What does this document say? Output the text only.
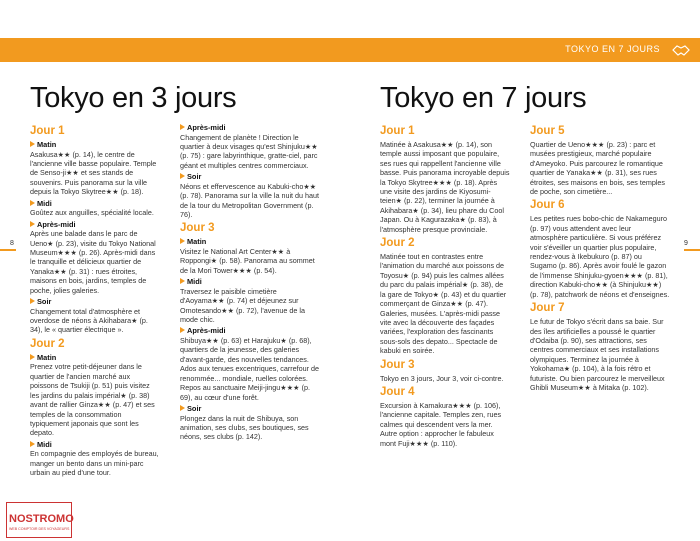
TOKYO EN 7 JOURS
8	9
Tokyo en 3 jours	Tokyo en 7 jours
Jour 1
Matin
Asakusa★★ (p. 14), le centre de l'ancienne ville basse populaire. Temple de Senso-ji★★ et ses stands de souvenirs. Puis panorama sur la ville depuis la Tokyo Skytree★★ (p. 18).
Midi
Goûtez aux anguilles, spécialité locale.
Après-midi
Après une balade dans le parc de Ueno★ (p. 23), visite du Tokyo National Museum★★★ (p. 26). Après-midi dans le tranquille et délicieux quartier de Yanaka★★ (p. 31) : rues étroites, maisons en bois, jardins, temples de poche, jolies galeries.
Soir
Changement total d'atmosphère et overdose de néons à Akihabara★ (p. 34), le « quartier électrique ».
Jour 2
Matin
Prenez votre petit-déjeuner dans le quartier de l'ancien marché aux poissons de Tsukiji (p. 51) puis visitez les jardins du palais impérial★ (p. 38) avant de rallier Ginza★★ (p. 47) et ses temples de la consommation typiquement japonais que sont les depato.
Midi
En compagnie des employés de bureau, manger un bento dans un mini-parc urbain au pied d'une tour.
Après-midi
Changement de planète ! Direction le quartier à deux visages qu'est Shinjuku★★ (p. 75) : gare labyrinthique, gratte-ciel, parc géant et multiples centres commerciaux.
Soir
Néons et effervescence au Kabuki-cho★★ (p. 78). Panorama sur la ville la nuit du haut de la tour du Metropolitan Government (p. 76).
Jour 3
Matin
Visitez le National Art Center★★ à Roppongi★ (p. 58). Panorama au sommet de la Mori Tower★★★ (p. 54).
Midi
Traversez le paisible cimetière d'Aoyama★★ (p. 74) et déjeunez sur Omotesando★★ (p. 72), l'avenue de la mode chic.
Après-midi
Shibuya★★ (p. 63) et Harajuku★ (p. 68), quartiers de la jeunesse, des galeries d'avant-garde, des nouvelles tendances. Ados aux tenues excentriques, carrefour de renommée... mondiale, ruelles colorées. Repos au sanctuaire Meiji-jingu★★★ (p. 69), au cœur d'une forêt.
Soir
Plongez dans la nuit de Shibuya, son animation, ses clubs, ses boutiques, ses néons, ses clubs (p. 142).
Jour 1
Matinée à Asakusa★★ (p. 14), son temple aussi imposant que populaire, ses rues qui rappellent l'ancienne ville basse. Puis panorama incroyable depuis la Tokyo Skytree★★★ (p. 18). Après une visite des jardins de Kiyosumi-teien★ (p. 22), terminer la journée à Akihabara★ (p. 34), lieu phare du Cool Japan. Ou à Kagurazaka★ (p. 83), à l'atmosphère presque provinciale.
Jour 2
Matinée tout en contrastes entre l'animation du marché aux poissons de Toyosu★ (p. 94) puis les calmes allées du parc du palais impérial★ (p. 38), de la gare de Tokyo★ (p. 43) et du quartier commerçant de Ginza★★ (p. 47). Galeries, musées. L'après-midi passe vite avec la découverte des façades variées, l'exploration des fascinants sous-sols des depato... Spectacle de kabuki en soirée.
Jour 3
Tokyo en 3 jours, Jour 3, voir ci-contre.
Jour 4
Excursion à Kamakura★★★ (p. 106), l'ancienne capitale. Temples zen, rues calmes qui descendent vers la mer. Autre option : approcher le fabuleux mont Fuji★★★ (p. 110).
Jour 5
Quartier de Ueno★★★ (p. 23) : parc et musées prestigieux, marché populaire d'Ameyoko. Puis parcourez le romantique quartier de Yanaka★★ (p. 31), ses rues étroites, ses maisons en bois, ses temples de poche, son cimetière...
Jour 6
Les petites rues bobo-chic de Nakameguro (p. 97) vous attendent avec leur atmosphère particulière. Si vous préférez voir s'éveiller un quartier plus populaire, rendez-vous à Ikebukuro (p. 87) ou Sugamo (p. 86). Après avoir foulé le gazon de l'immense Shinjuku-gyoen★★★ (p. 81), direction Kabuki-cho★★ (à Shinjuku★★) (p. 78), patchwork de néons et d'enseignes.
Jour 7
Le futur de Tokyo s'écrit dans sa baie. Sur des îles artificielles a poussé le quartier d'Odaiba (p. 90), ses attractions, ses centres commerciaux et ses installations olympiques. Terminez la journée à Yokohama★ (p. 104), à la fois rétro et futuriste. Ou bien parcourez le merveilleux Ghibli Museum★★ à Mitaka (p. 102).
NOSTROMO
WEB COMPTOIR DES VOYAGEURS
